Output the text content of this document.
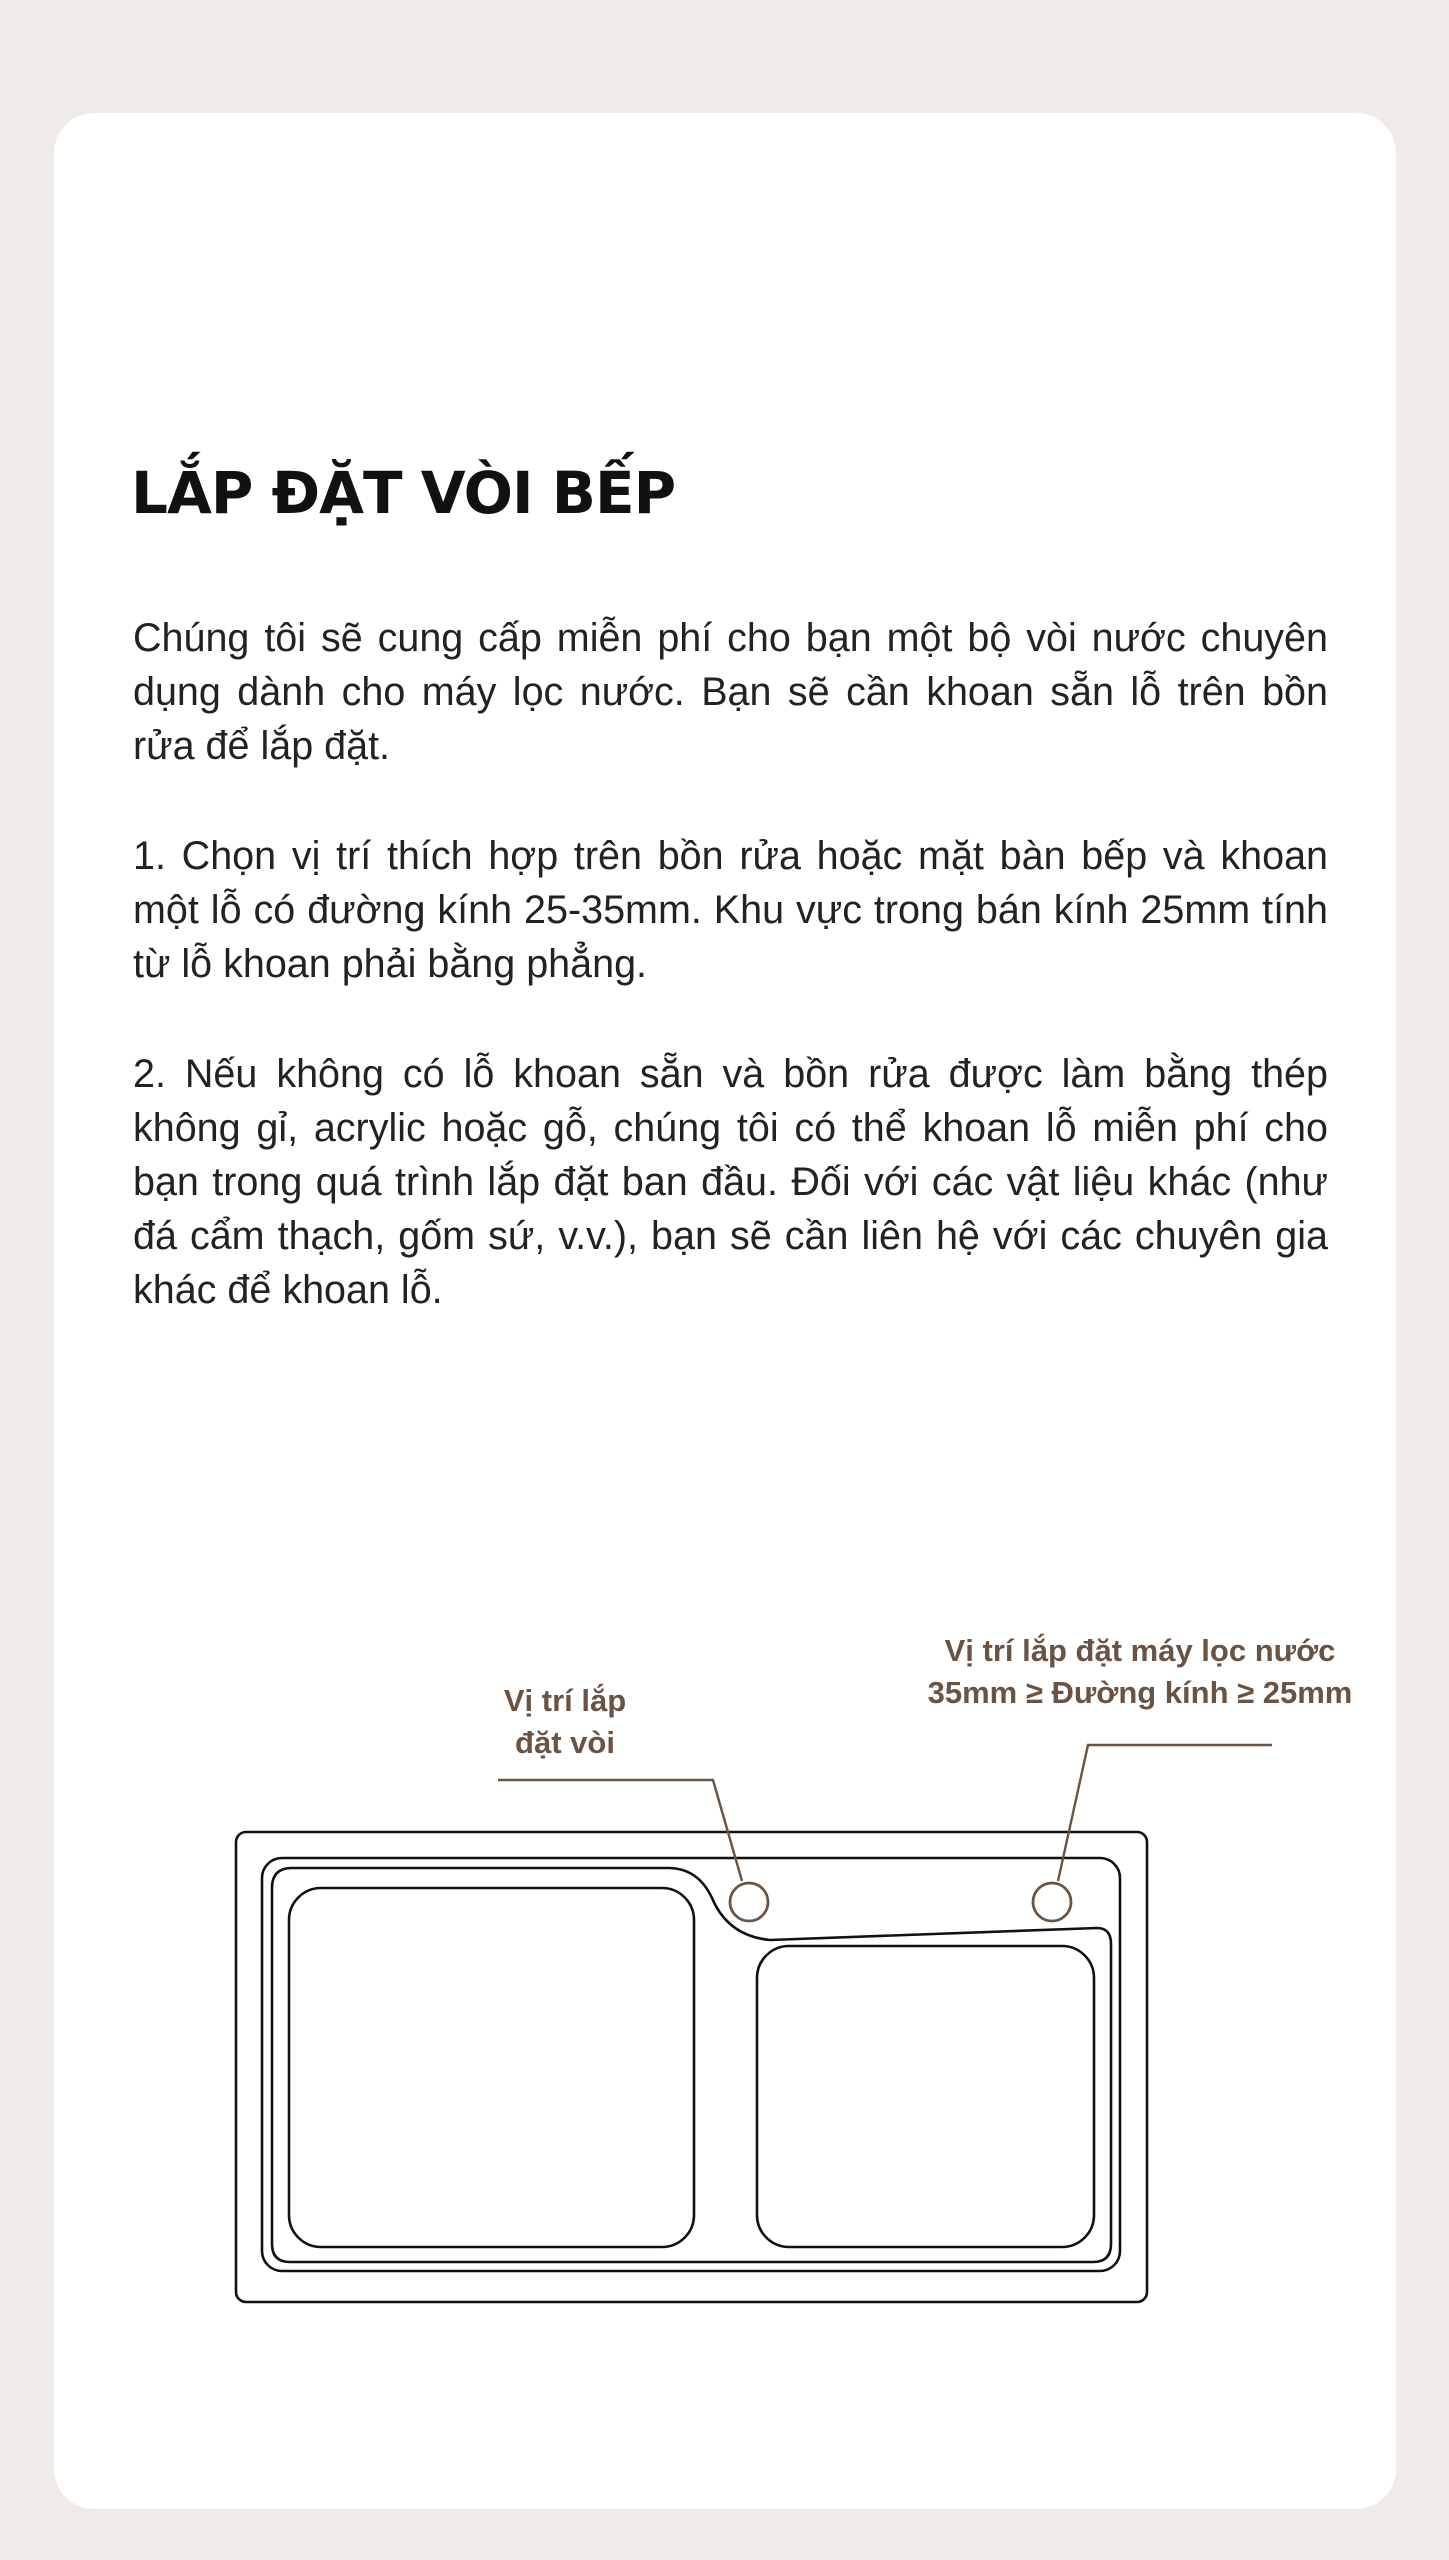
LẮP ĐẶT VÒI BẾP

Chúng tôi sẽ cung cấp miễn phí cho bạn một bộ vòi nước chuyên dụng dành cho máy lọc nước. Bạn sẽ cần khoan sẵn lỗ trên bồn rửa để lắp đặt.

1. Chọn vị trí thích hợp trên bồn rửa hoặc mặt bàn bếp và khoan một lỗ có đường kính 25-35mm. Khu vực trong bán kính 25mm tính từ lỗ khoan phải bằng phẳng.

2. Nếu không có lỗ khoan sẵn và bồn rửa được làm bằng thép không gỉ, acrylic hoặc gỗ, chúng tôi có thể khoan lỗ miễn phí cho bạn trong quá trình lắp đặt ban đầu. Đối với các vật liệu khác (như đá cẩm thạch, gốm sứ, v.v.), bạn sẽ cần liên hệ với các chuyên gia khác để khoan lỗ.

Vị trí lắp
đặt vòi
Vị trí lắp đặt máy lọc nước
35mm ≥ Đường kính ≥ 25mm
